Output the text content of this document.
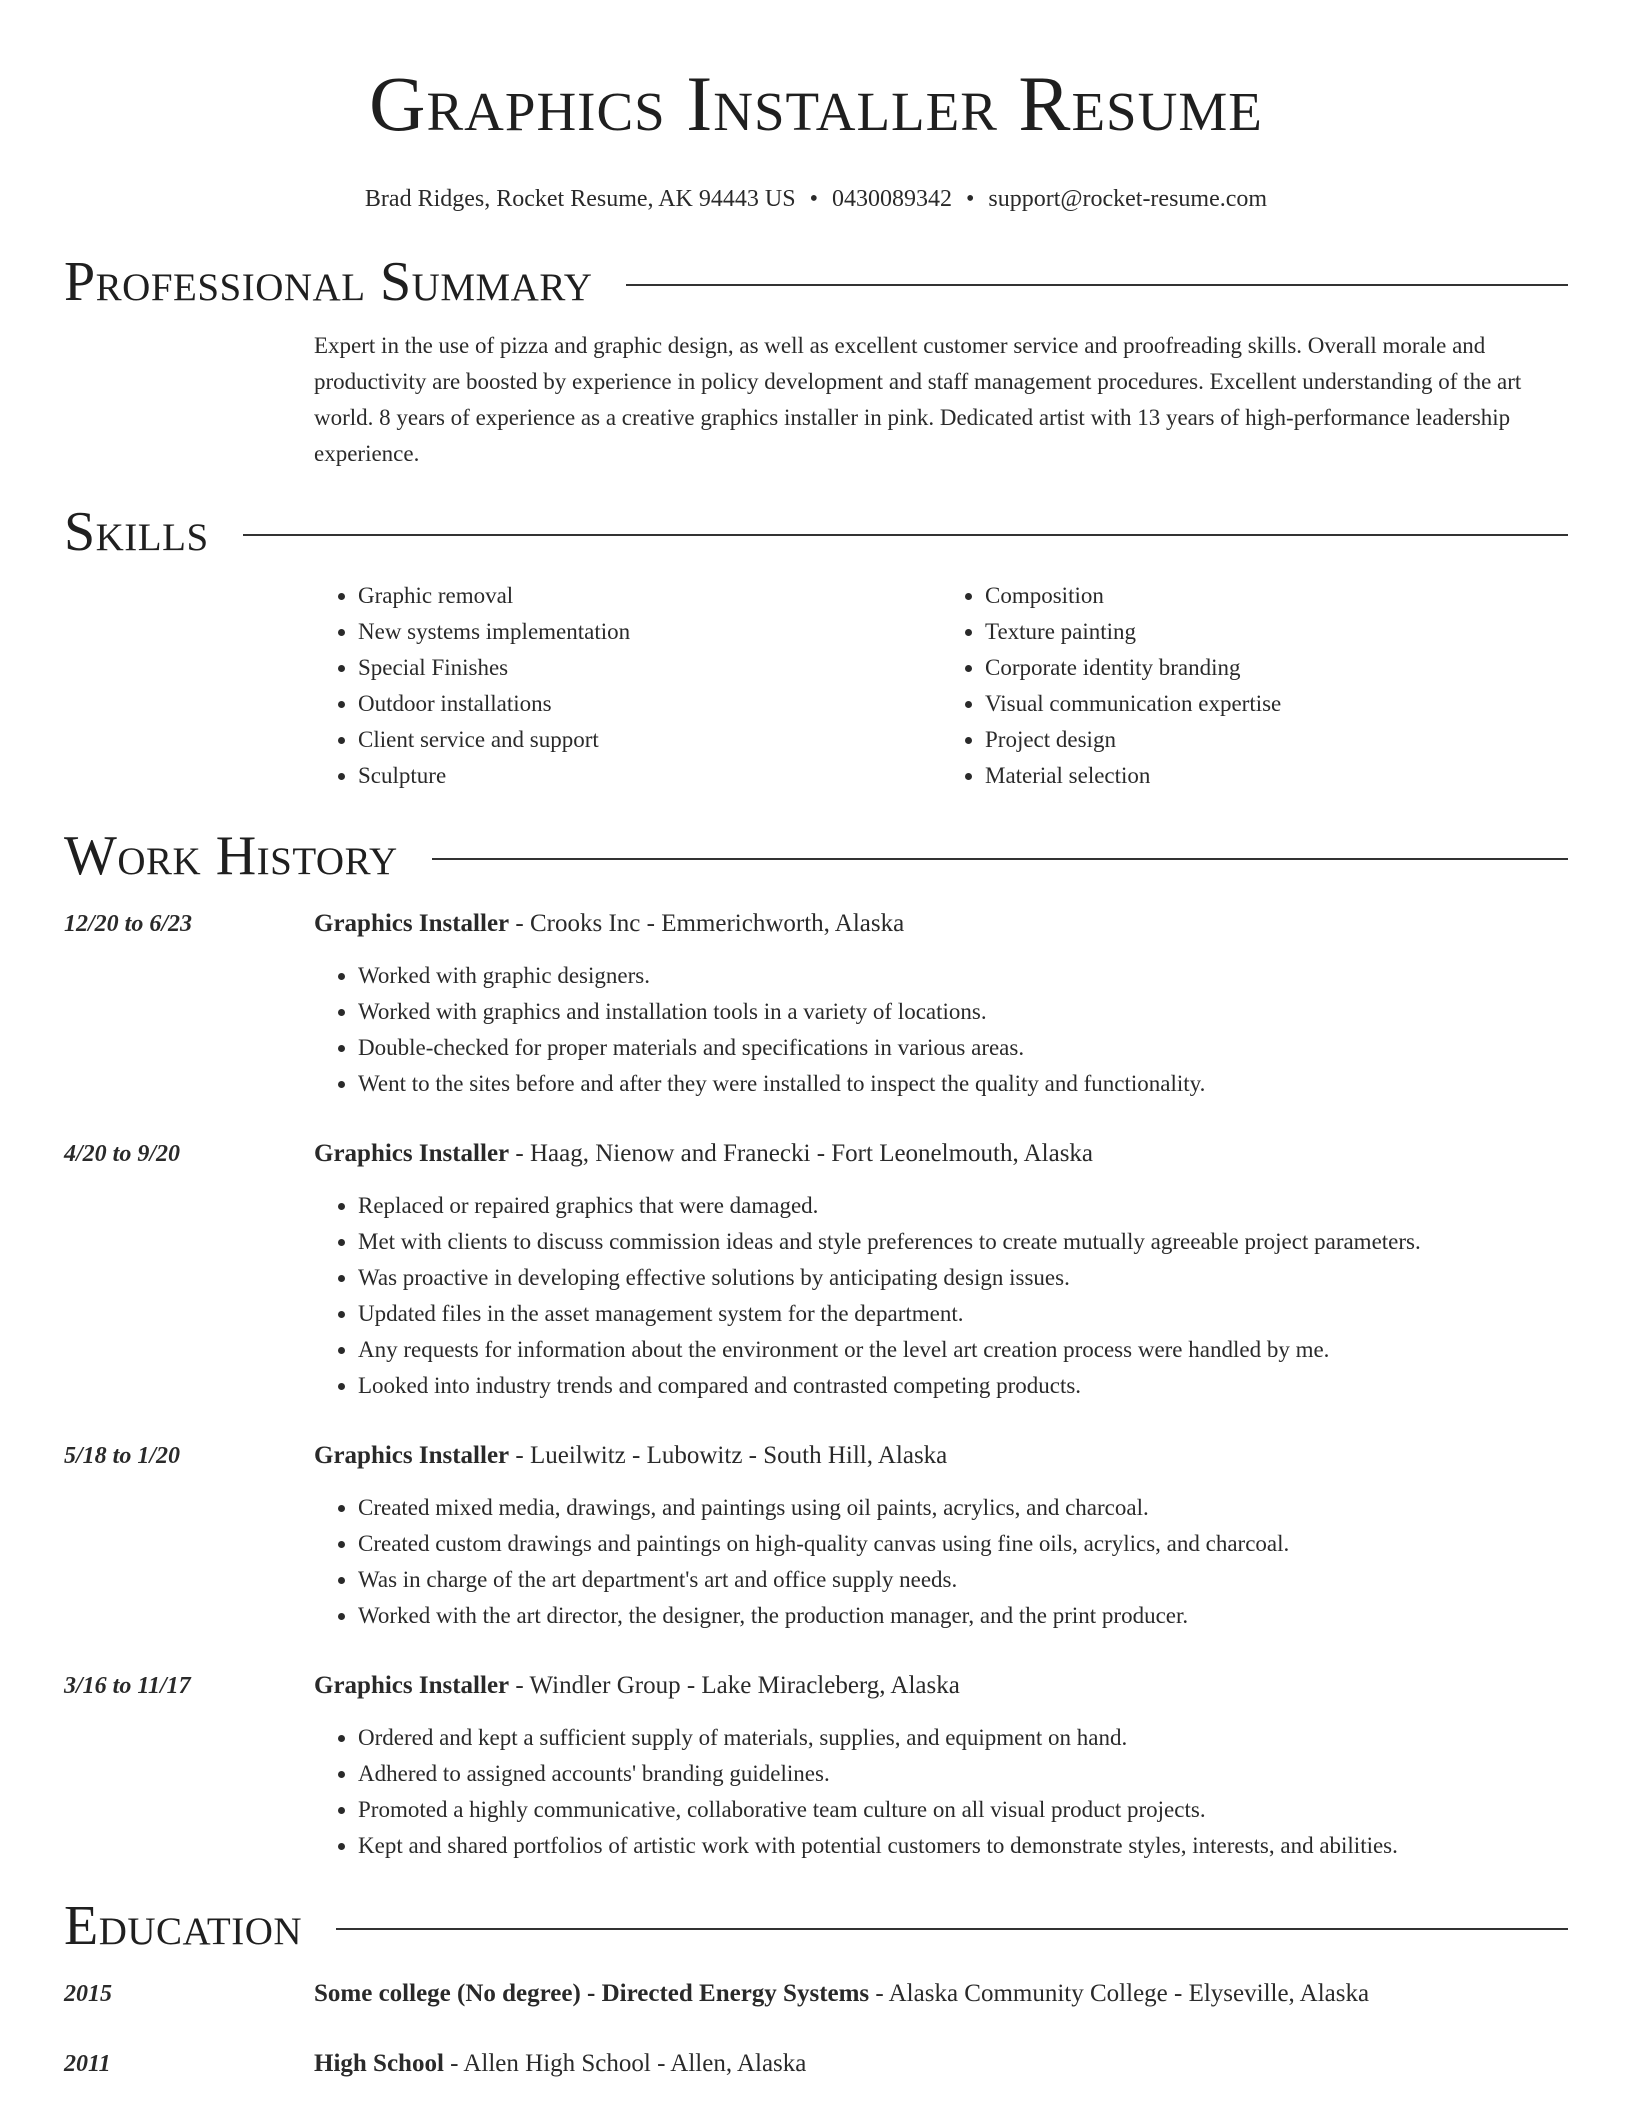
Graphics Installer Resume
Brad Ridges, Rocket Resume, AK 94443 US • 0430089342 • support@rocket-resume.com
Professional Summary

Expert in the use of pizza and graphic design, as well as excellent customer service and proofreading skills. Overall morale and productivity are boosted by experience in policy development and staff management procedures. Excellent understanding of the art world. 8 years of experience as a creative graphics installer in pink. Dedicated artist with 13 years of high-performance leadership experience.

Skills
• Graphic removal
• New systems implementation
• Special Finishes
• Outdoor installations
• Client service and support
• Sculpture
• Composition
• Texture painting
• Corporate identity branding
• Visual communication expertise
• Project design
• Material selection
Work History
12/20 to 6/23	Graphics Installer - Crooks Inc - Emmerichworth, Alaska
• Worked with graphic designers.
• Worked with graphics and installation tools in a variety of locations.
• Double-checked for proper materials and specifications in various areas.
• Went to the sites before and after they were installed to inspect the quality and functionality.
4/20 to 9/20	Graphics Installer - Haag, Nienow and Franecki - Fort Leonelmouth, Alaska
• Replaced or repaired graphics that were damaged.
• Met with clients to discuss commission ideas and style preferences to create mutually agreeable project parameters.
• Was proactive in developing effective solutions by anticipating design issues.
• Updated files in the asset management system for the department.
• Any requests for information about the environment or the level art creation process were handled by me.
• Looked into industry trends and compared and contrasted competing products.
5/18 to 1/20	Graphics Installer - Lueilwitz - Lubowitz - South Hill, Alaska
• Created mixed media, drawings, and paintings using oil paints, acrylics, and charcoal.
• Created custom drawings and paintings on high-quality canvas using fine oils, acrylics, and charcoal.
• Was in charge of the art department's art and office supply needs.
• Worked with the art director, the designer, the production manager, and the print producer.
3/16 to 11/17	Graphics Installer - Windler Group - Lake Miracleberg, Alaska
• Ordered and kept a sufficient supply of materials, supplies, and equipment on hand.
• Adhered to assigned accounts' branding guidelines.
• Promoted a highly communicative, collaborative team culture on all visual product projects.
• Kept and shared portfolios of artistic work with potential customers to demonstrate styles, interests, and abilities.
Education
2015	Some college (No degree) - Directed Energy Systems - Alaska Community College - Elyseville, Alaska
2011	High School - Allen High School - Allen, Alaska
